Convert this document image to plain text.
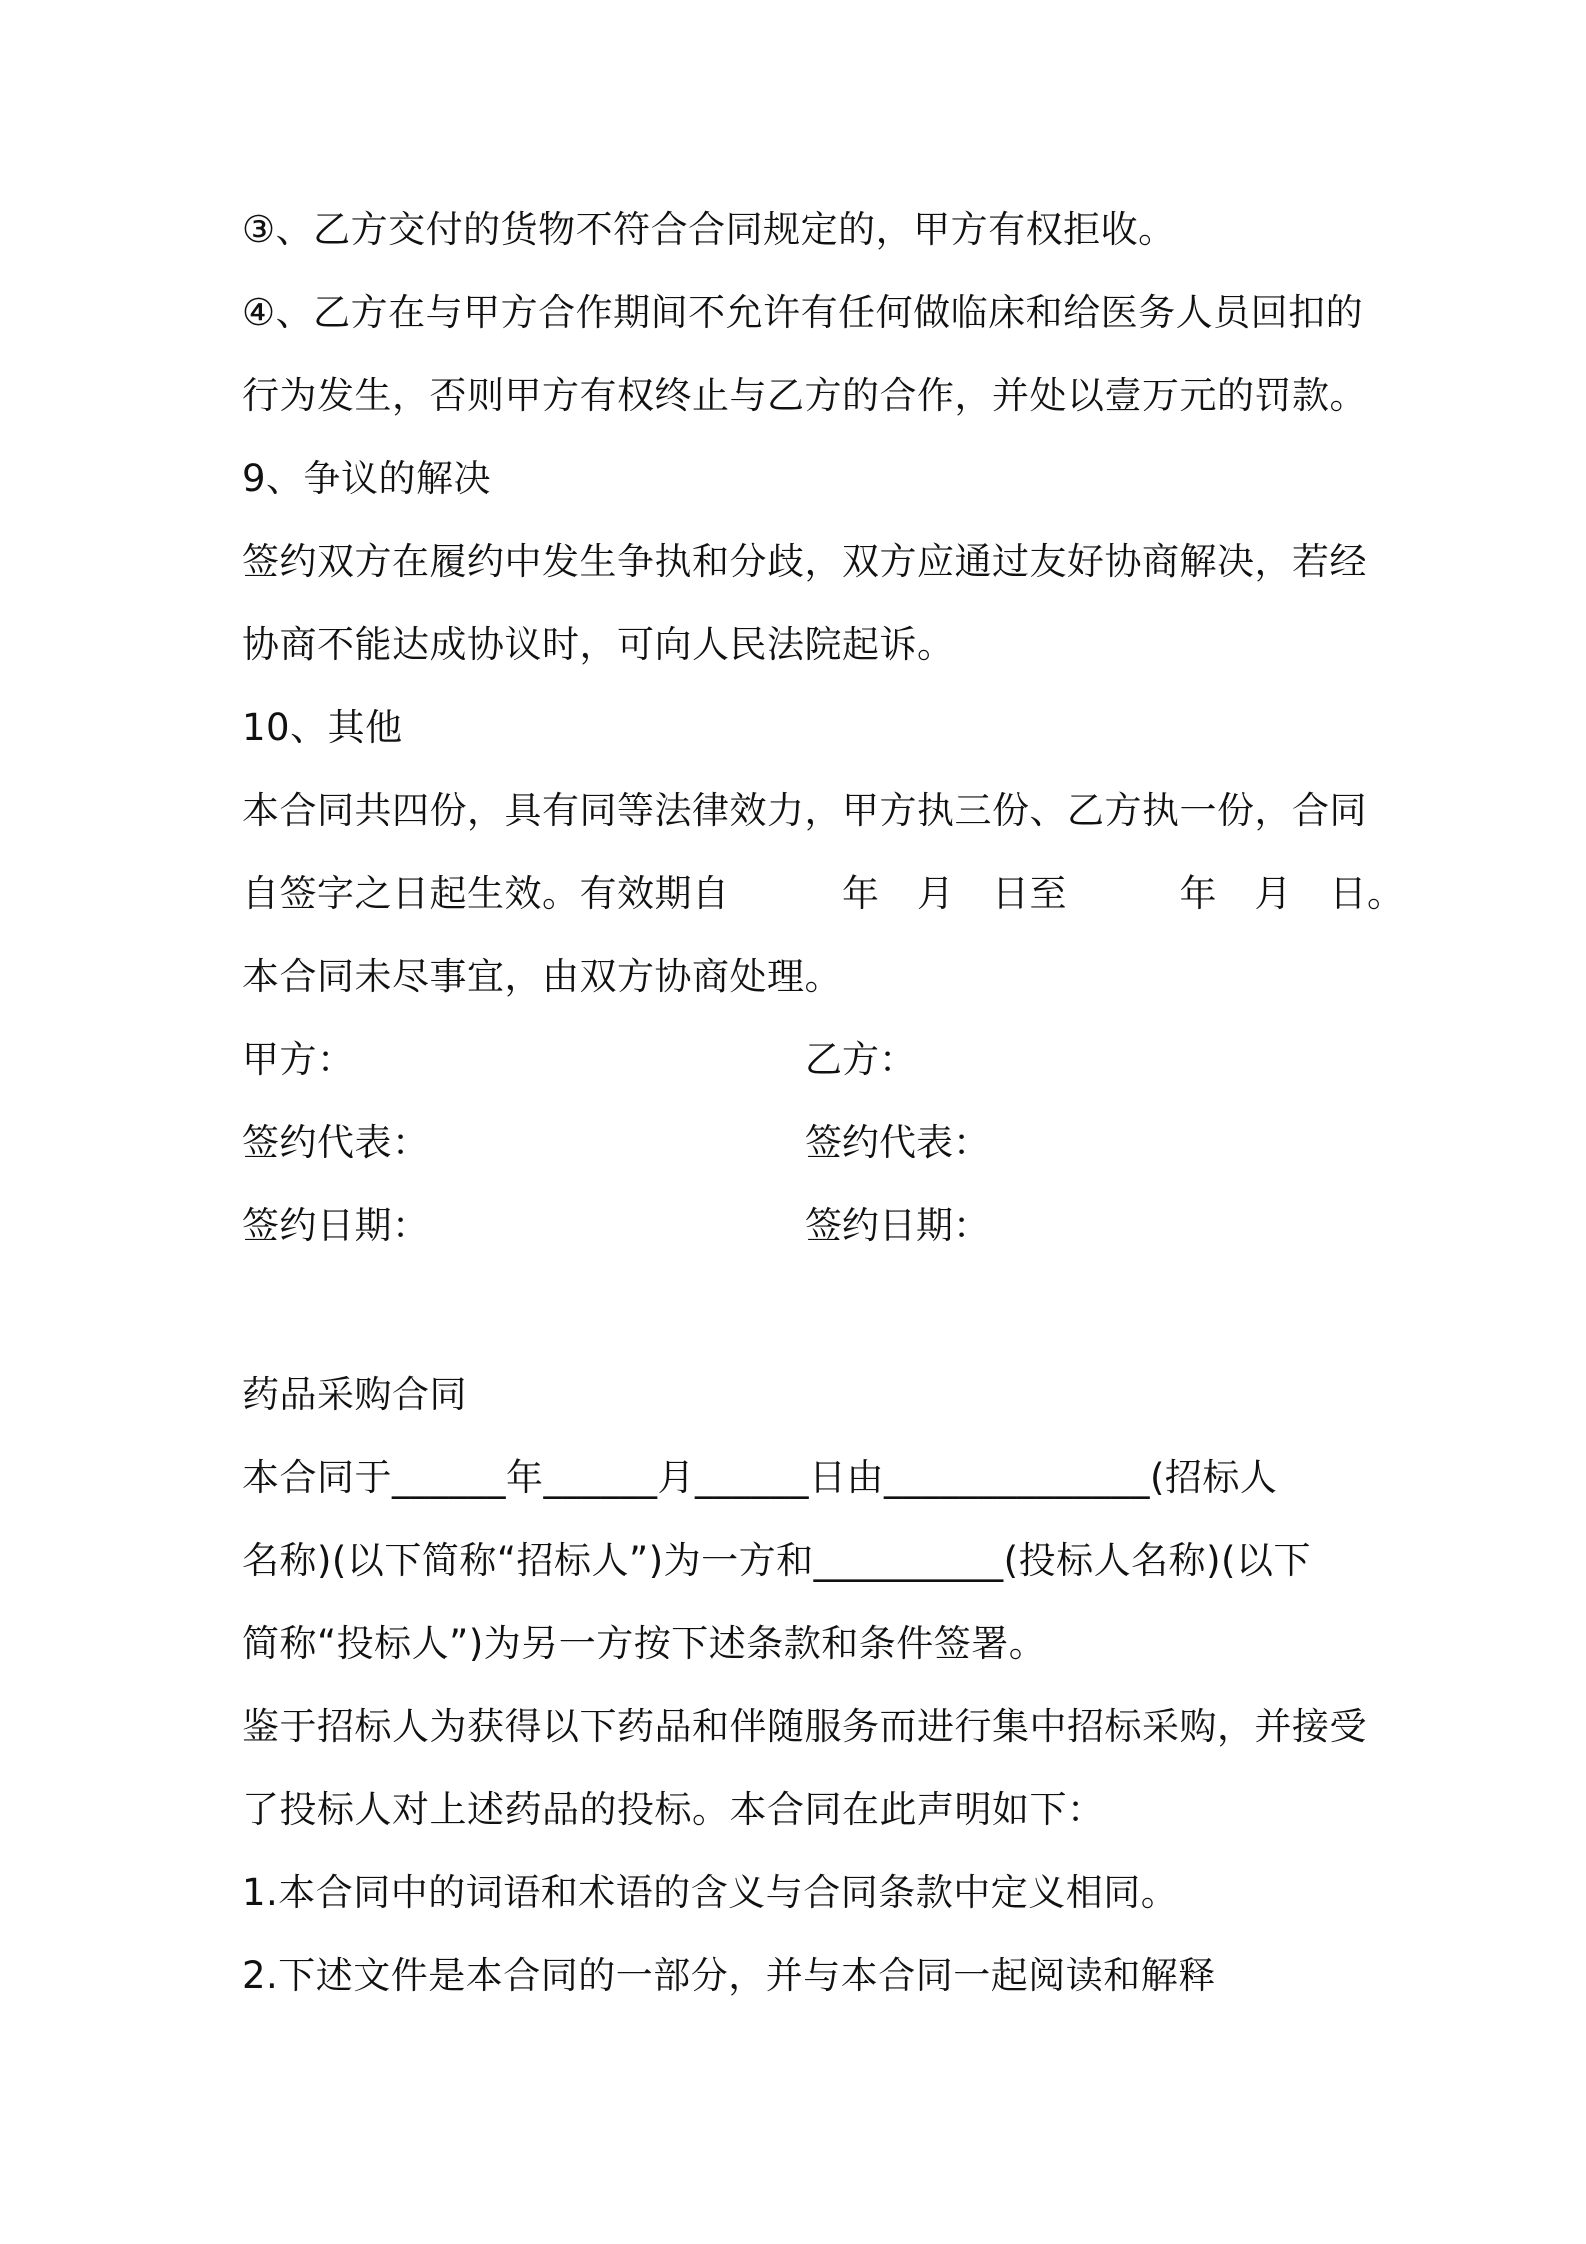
③、乙方交付的货物不符合合同规定的，甲方有权拒收。
④、乙方在与甲方合作期间不允许有任何做临床和给医务人员回扣的
行为发生，否则甲方有权终止与乙方的合作，并处以壹万元的罚款。
9、争议的解决
签约双方在履约中发生争执和分歧，双方应通过友好协商解决，若经
协商不能达成协议时，可向人民法院起诉。
10、其他
本合同共四份，具有同等法律效力，甲方执三份、乙方执一份，合同
自签字之日起生效。有效期自　　　年　月　日至　　　年　月　日。
本合同未尽事宜，由双方协商处理。
甲方：	乙方：
签约代表：	签约代表：
签约日期：	签约日期：
药品采购合同
本合同于______年______月______日由______________(招标人
名称)(以下简称“招标人”)为一方和__________(投标人名称)(以下
简称“投标人”)为另一方按下述条款和条件签署。
鉴于招标人为获得以下药品和伴随服务而进行集中招标采购，并接受
了投标人对上述药品的投标。本合同在此声明如下：
1.本合同中的词语和术语的含义与合同条款中定义相同。
2.下述文件是本合同的一部分，并与本合同一起阅读和解释
